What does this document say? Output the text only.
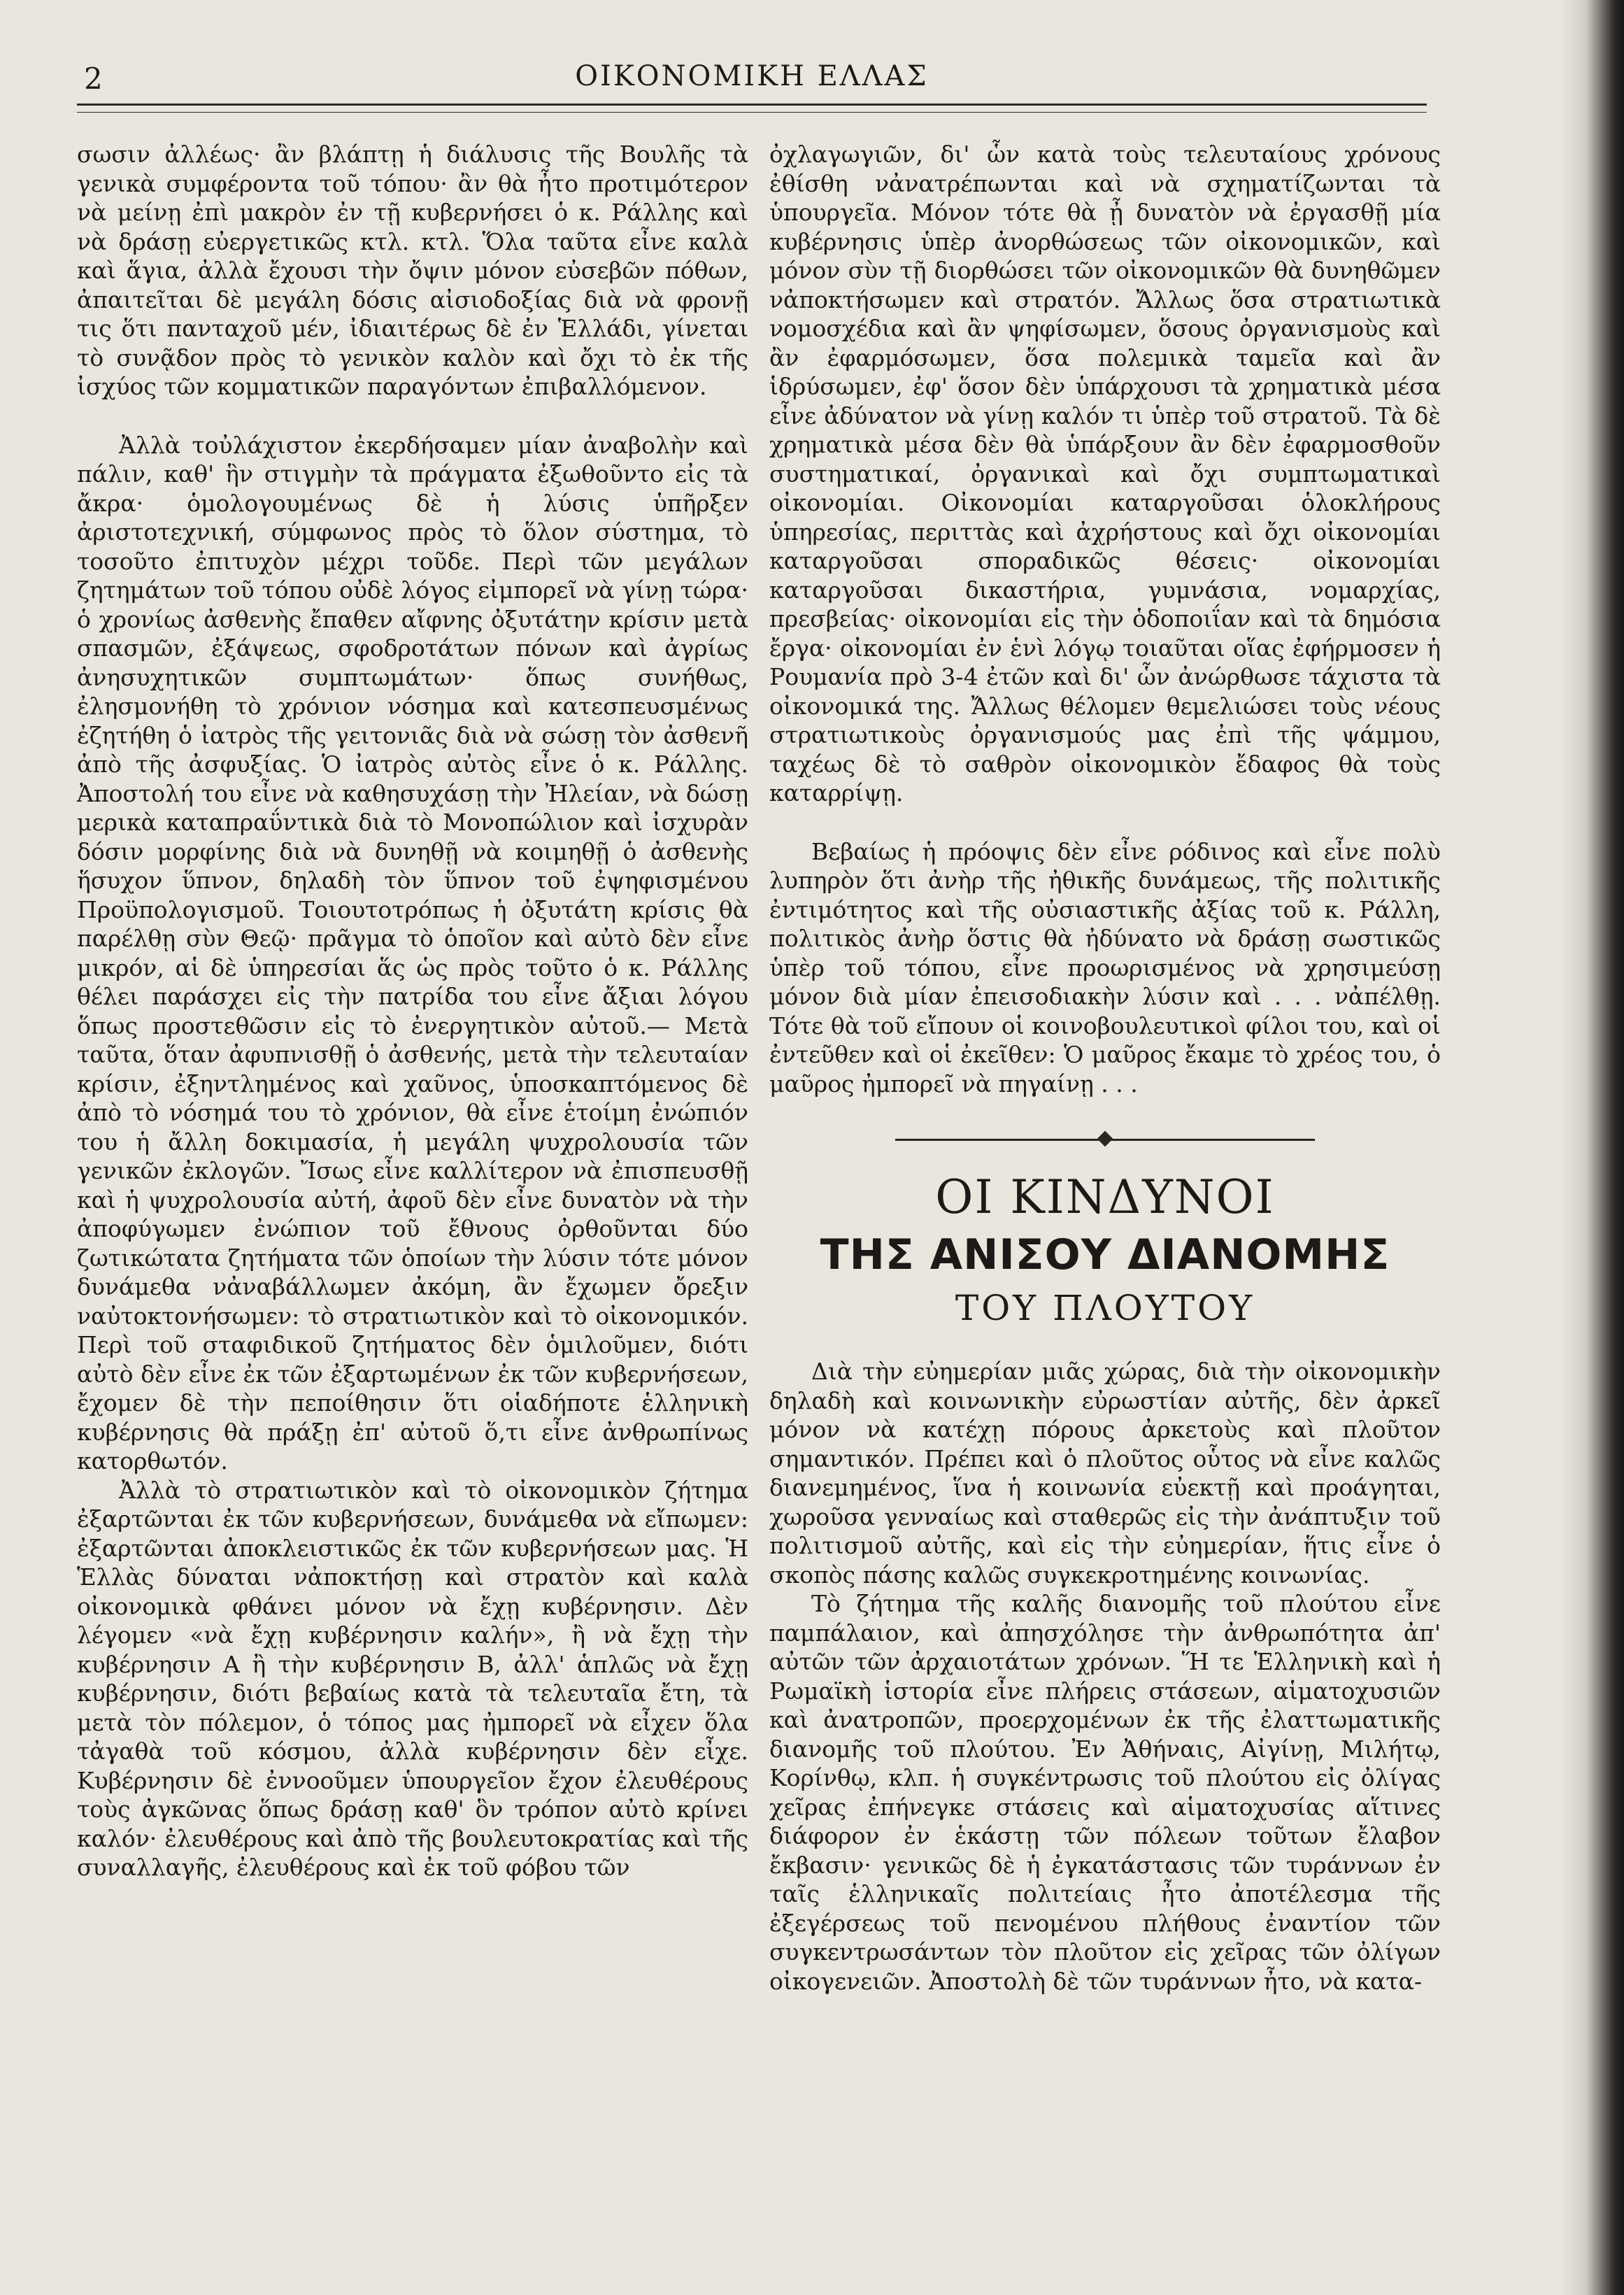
2	ΟΙΚΟΝΟΜΙΚΗ ΕΛΛΑΣ

σωσιν ἀλλέως· ἂν βλάπτῃ ἡ διάλυσις τῆς Βουλῆς τὰ γενικὰ συμφέροντα τοῦ τόπου· ἂν θὰ ἦτο προτιμότερον νὰ μείνῃ ἐπὶ μακρὸν ἐν τῇ κυβερνήσει ὁ κ. Ράλλης καὶ νὰ δράσῃ εὐεργετικῶς κτλ. κτλ. Ὅλα ταῦτα εἶνε καλὰ καὶ ἅγια, ἀλλὰ ἔχουσι τὴν ὄψιν μόνον εὐσεβῶν πόθων, ἀπαιτεῖται δὲ μεγάλη δόσις αἰσιοδοξίας διὰ νὰ φρονῇ τις ὅτι πανταχοῦ μέν, ἰδιαιτέρως δὲ ἐν Ἑλλάδι, γίνεται τὸ συνᾷδον πρὸς τὸ γενικὸν καλὸν καὶ ὄχι τὸ ἐκ τῆς ἰσχύος τῶν κομματικῶν παραγόντων ἐπιβαλλόμενον.

Ἀλλὰ τοὐλάχιστον ἐκερδήσαμεν μίαν ἀναβολὴν καὶ πάλιν, καθ' ἣν στιγμὴν τὰ πράγματα ἐξωθοῦντο εἰς τὰ ἄκρα· ὁμολογουμένως δὲ ἡ λύσις ὑπῆρξεν ἀριστοτεχνική, σύμφωνος πρὸς τὸ ὅλον σύστημα, τὸ τοσοῦτο ἐπιτυχὸν μέχρι τοῦδε. Περὶ τῶν μεγάλων ζητημάτων τοῦ τόπου οὐδὲ λόγος εἰμπορεῖ νὰ γίνῃ τώρα· ὁ χρονίως ἀσθενὴς ἔπαθεν αἴφνης ὀξυτάτην κρίσιν μετὰ σπασμῶν, ἐξάψεως, σφοδροτάτων πόνων καὶ ἀγρίως ἀνησυχητικῶν συμπτωμάτων· ὅπως συνήθως, ἐλησμονήθη τὸ χρόνιον νόσημα καὶ κατεσπευσμένως ἐζητήθη ὁ ἰατρὸς τῆς γειτονιᾶς διὰ νὰ σώσῃ τὸν ἀσθενῆ ἀπὸ τῆς ἀσφυξίας. Ὁ ἰατρὸς αὐτὸς εἶνε ὁ κ. Ράλλης. Ἀποστολή του εἶνε νὰ καθησυχάσῃ τὴν Ἠλείαν, νὰ δώσῃ μερικὰ καταπραΰντικὰ διὰ τὸ Μονοπώλιον καὶ ἰσχυρὰν δόσιν μορφίνης διὰ νὰ δυνηθῇ νὰ κοιμηθῇ ὁ ἀσθενὴς ἥσυχον ὕπνον, δηλαδὴ τὸν ὕπνον τοῦ ἐψηφισμένου Προϋπολογισμοῦ. Τοιουτοτρόπως ἡ ὀξυτάτη κρίσις θὰ παρέλθῃ σὺν Θεῷ· πρᾶγμα τὸ ὁποῖον καὶ αὐτὸ δὲν εἶνε μικρόν, αἱ δὲ ὑπηρεσίαι ἅς ὡς πρὸς τοῦτο ὁ κ. Ράλλης θέλει παράσχει εἰς τὴν πατρίδα του εἶνε ἄξιαι λόγου ὅπως προστεθῶσιν εἰς τὸ ἐνεργητικὸν αὐτοῦ.— Μετὰ ταῦτα, ὅταν ἀφυπνισθῇ ὁ ἀσθενής, μετὰ τὴν τελευταίαν κρίσιν, ἐξηντλημένος καὶ χαῦνος, ὑποσκαπτόμενος δὲ ἀπὸ τὸ νόσημά του τὸ χρόνιον, θὰ εἶνε ἑτοίμη ἐνώπιόν του ἡ ἄλλη δοκιμασία, ἡ μεγάλη ψυχρολουσία τῶν γενικῶν ἐκλογῶν. Ἴσως εἶνε καλλίτερον νὰ ἐπισπευσθῇ καὶ ἡ ψυχρολουσία αὐτή, ἀφοῦ δὲν εἶνε δυνατὸν νὰ τὴν ἀποφύγωμεν ἐνώπιον τοῦ ἔθνους ὀρθοῦνται δύο ζωτικώτατα ζητήματα τῶν ὁποίων τὴν λύσιν τότε μόνον δυνάμεθα νἀναβάλλωμεν ἀκόμη, ἂν ἔχωμεν ὄρεξιν ναὐτοκτονήσωμεν: τὸ στρατιωτικὸν καὶ τὸ οἰκονομικόν. Περὶ τοῦ σταφιδικοῦ ζητήματος δὲν ὁμιλοῦμεν, διότι αὐτὸ δὲν εἶνε ἐκ τῶν ἐξαρτωμένων ἐκ τῶν κυβερνήσεων, ἔχομεν δὲ τὴν πεποίθησιν ὅτι οἱαδήποτε ἑλληνικὴ κυβέρνησις θὰ πράξῃ ἐπ' αὐτοῦ ὅ,τι εἶνε ἀνθρωπίνως κατορθωτόν.

Ἀλλὰ τὸ στρατιωτικὸν καὶ τὸ οἰκονομικὸν ζήτημα ἐξαρτῶνται ἐκ τῶν κυβερνήσεων, δυνάμεθα νὰ εἴπωμεν: ἐξαρτῶνται ἀποκλειστικῶς ἐκ τῶν κυβερνήσεων μας. Ἡ Ἑλλὰς δύναται νἀποκτήσῃ καὶ στρατὸν καὶ καλὰ οἰκονομικὰ φθάνει μόνον νὰ ἔχῃ κυβέρνησιν. Δὲν λέγομεν «νὰ ἔχῃ κυβέρνησιν καλήν», ἢ νὰ ἔχῃ τὴν κυβέρνησιν Α ἢ τὴν κυβέρνησιν Β, ἀλλ' ἁπλῶς νὰ ἔχῃ κυβέρνησιν, διότι βεβαίως κατὰ τὰ τελευταῖα ἔτη, τὰ μετὰ τὸν πόλεμον, ὁ τόπος μας ἠμπορεῖ νὰ εἶχεν ὅλα τἀγαθὰ τοῦ κόσμου, ἀλλὰ κυβέρνησιν δὲν εἶχε. Κυβέρνησιν δὲ ἐννοοῦμεν ὑπουργεῖον ἔχον ἐλευθέρους τοὺς ἀγκῶνας ὅπως δράσῃ καθ' ὃν τρόπον αὐτὸ κρίνει καλόν· ἐλευθέρους καὶ ἀπὸ τῆς βουλευτοκρατίας καὶ τῆς συναλλαγῆς, ἐλευθέρους καὶ ἐκ τοῦ φόβου τῶν

ὀχλαγωγιῶν, δι' ὧν κατὰ τοὺς τελευταίους χρόνους ἐθίσθη νἀνατρέπωνται καὶ νὰ σχηματίζωνται τὰ ὑπουργεῖα. Μόνον τότε θὰ ᾖ δυνατὸν νὰ ἐργασθῇ μία κυβέρνησις ὑπὲρ ἀνορθώσεως τῶν οἰκονομικῶν, καὶ μόνον σὺν τῇ διορθώσει τῶν οἰκονομικῶν θὰ δυνηθῶμεν νἀποκτήσωμεν καὶ στρατόν. Ἄλλως ὅσα στρατιωτικὰ νομοσχέδια καὶ ἂν ψηφίσωμεν, ὅσους ὀργανισμοὺς καὶ ἂν ἐφαρμόσωμεν, ὅσα πολεμικὰ ταμεῖα καὶ ἂν ἱδρύσωμεν, ἐφ' ὅσον δὲν ὑπάρχουσι τὰ χρηματικὰ μέσα εἶνε ἀδύνατον νὰ γίνῃ καλόν τι ὑπὲρ τοῦ στρατοῦ. Τὰ δὲ χρηματικὰ μέσα δὲν θὰ ὑπάρξουν ἂν δὲν ἐφαρμοσθοῦν συστηματικαί, ὀργανικαὶ καὶ ὄχι συμπτωματικαὶ οἰκονομίαι. Οἰκονομίαι καταργοῦσαι ὁλοκλήρους ὑπηρεσίας, περιττὰς καὶ ἀχρήστους καὶ ὄχι οἰκονομίαι καταργοῦσαι σποραδικῶς θέσεις· οἰκονομίαι καταργοῦσαι δικαστήρια, γυμνάσια, νομαρχίας, πρεσβείας· οἰκονομίαι εἰς τὴν ὁδοποιΐαν καὶ τὰ δημόσια ἔργα· οἰκονομίαι ἐν ἑνὶ λόγῳ τοιαῦται οἵας ἐφήρμοσεν ἡ Ρουμανία πρὸ 3-4 ἐτῶν καὶ δι' ὧν ἀνώρθωσε τάχιστα τὰ οἰκονομικά της. Ἄλλως θέλομεν θεμελιώσει τοὺς νέους στρατιωτικοὺς ὀργανισμούς μας ἐπὶ τῆς ψάμμου, ταχέως δὲ τὸ σαθρὸν οἰκονομικὸν ἔδαφος θὰ τοὺς καταρρίψῃ.

Βεβαίως ἡ πρόοψις δὲν εἶνε ρόδινος καὶ εἶνε πολὺ λυπηρὸν ὅτι ἀνὴρ τῆς ἠθικῆς δυνάμεως, τῆς πολιτικῆς ἐντιμότητος καὶ τῆς οὐσιαστικῆς ἀξίας τοῦ κ. Ράλλη, πολιτικὸς ἀνὴρ ὅστις θὰ ἠδύνατο νὰ δράσῃ σωστικῶς ὑπὲρ τοῦ τόπου, εἶνε προωρισμένος νὰ χρησιμεύσῃ μόνον διὰ μίαν ἐπεισοδιακὴν λύσιν καὶ . . . νἀπέλθῃ. Τότε θὰ τοῦ εἴπουν οἱ κοινοβουλευτικοὶ φίλοι του, καὶ οἱ ἐντεῦθεν καὶ οἱ ἐκεῖθεν: Ὁ μαῦρος ἔκαμε τὸ χρέος του, ὁ μαῦρος ἠμπορεῖ νὰ πηγαίνῃ . . .

ΟΙ ΚΙΝΔΥΝΟΙ
ΤΗΣ ΑΝΙΣΟΥ ΔΙΑΝΟΜΗΣ
ΤΟΥ ΠΛΟΥΤΟΥ

Διὰ τὴν εὐημερίαν μιᾶς χώρας, διὰ τὴν οἰκονομικὴν δηλαδὴ καὶ κοινωνικὴν εὐρωστίαν αὐτῆς, δὲν ἀρκεῖ μόνον νὰ κατέχῃ πόρους ἀρκετοὺς καὶ πλοῦτον σημαντικόν. Πρέπει καὶ ὁ πλοῦτος οὗτος νὰ εἶνε καλῶς διανεμημένος, ἵνα ἡ κοινωνία εὐεκτῇ καὶ προάγηται, χωροῦσα γενναίως καὶ σταθερῶς εἰς τὴν ἀνάπτυξιν τοῦ πολιτισμοῦ αὐτῆς, καὶ εἰς τὴν εὐημερίαν, ἥτις εἶνε ὁ σκοπὸς πάσης καλῶς συγκεκροτημένης κοινωνίας.

Τὸ ζήτημα τῆς καλῆς διανομῆς τοῦ πλούτου εἶνε παμπάλαιον, καὶ ἀπησχόλησε τὴν ἀνθρωπότητα ἀπ' αὐτῶν τῶν ἀρχαιοτάτων χρόνων. Ἥ τε Ἑλληνικὴ καὶ ἡ Ρωμαϊκὴ ἱστορία εἶνε πλήρεις στάσεων, αἱματοχυσιῶν καὶ ἀνατροπῶν, προερχομένων ἐκ τῆς ἐλαττωματικῆς διανομῆς τοῦ πλούτου. Ἐν Ἀθήναις, Αἰγίνῃ, Μιλήτῳ, Κορίνθῳ, κλπ. ἡ συγκέντρωσις τοῦ πλούτου εἰς ὀλίγας χεῖρας ἐπήνεγκε στάσεις καὶ αἱματοχυσίας αἵτινες διάφορον ἐν ἑκάστῃ τῶν πόλεων τοῦτων ἔλαβον ἔκβασιν· γενικῶς δὲ ἡ ἐγκατάστασις τῶν τυράννων ἐν ταῖς ἑλληνικαῖς πολιτείαις ἦτο ἀποτέλεσμα τῆς ἐξεγέρσεως τοῦ πενομένου πλήθους ἐναντίον τῶν συγκεντρωσάντων τὸν πλοῦτον εἰς χεῖρας τῶν ὀλίγων οἰκογενειῶν. Ἀποστολὴ δὲ τῶν τυράννων ἦτο, νὰ κατα-
